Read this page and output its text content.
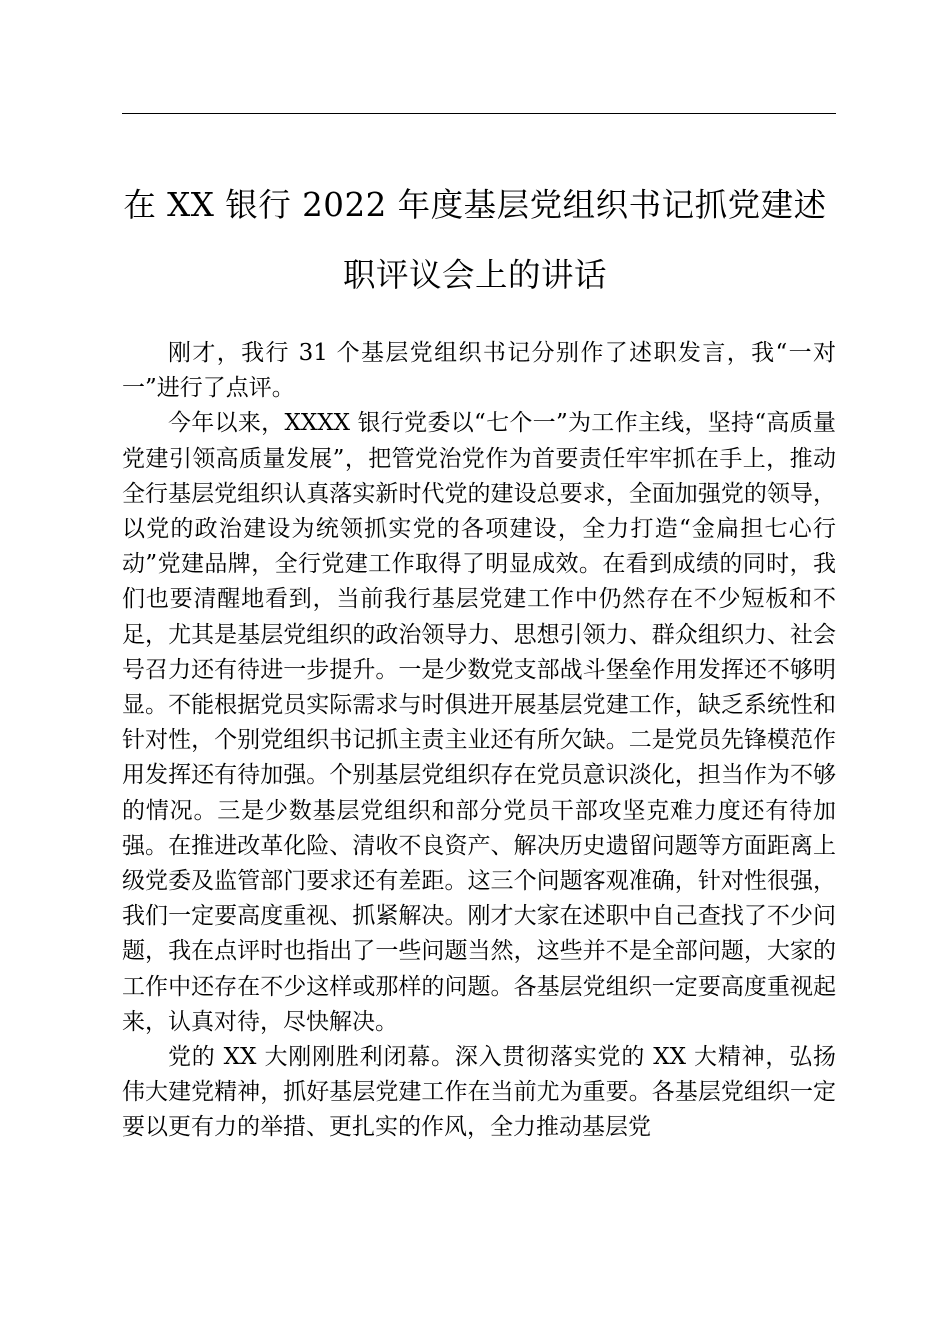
在 XX 银行 2022 年度基层党组织书记抓党建述
职评议会上的讲话

刚才，我行 31 个基层党组织书记分别作了述职发言，我“一对一”进行了点评。

今年以来，XXXX 银行党委以“七个一”为工作主线，坚持“高质量党建引领高质量发展”，把管党治党作为首要责任牢牢抓在手上，推动全行基层党组织认真落实新时代党的建设总要求，全面加强党的领导，以党的政治建设为统领抓实党的各项建设，全力打造“金扁担七心行动”党建品牌，全行党建工作取得了明显成效。在看到成绩的同时，我们也要清醒地看到，当前我行基层党建工作中仍然存在不少短板和不足，尤其是基层党组织的政治领导力、思想引领力、群众组织力、社会号召力还有待进一步提升。一是少数党支部战斗堡垒作用发挥还不够明显。不能根据党员实际需求与时俱进开展基层党建工作，缺乏系统性和针对性，个别党组织书记抓主责主业还有所欠缺。二是党员先锋模范作用发挥还有待加强。个别基层党组织存在党员意识淡化，担当作为不够的情况。三是少数基层党组织和部分党员干部攻坚克难力度还有待加强。在推进改革化险、清收不良资产、解决历史遗留问题等方面距离上级党委及监管部门要求还有差距。这三个问题客观准确，针对性很强，我们一定要高度重视、抓紧解决。刚才大家在述职中自己查找了不少问题，我在点评时也指出了一些问题当然，这些并不是全部问题，大家的工作中还存在不少这样或那样的问题。各基层党组织一定要高度重视起来，认真对待，尽快解决。

党的 XX 大刚刚胜利闭幕。深入贯彻落实党的 XX 大精神，弘扬伟大建党精神，抓好基层党建工作在当前尤为重要。各基层党组织一定要以更有力的举措、更扎实的作风，全力推动基层党
